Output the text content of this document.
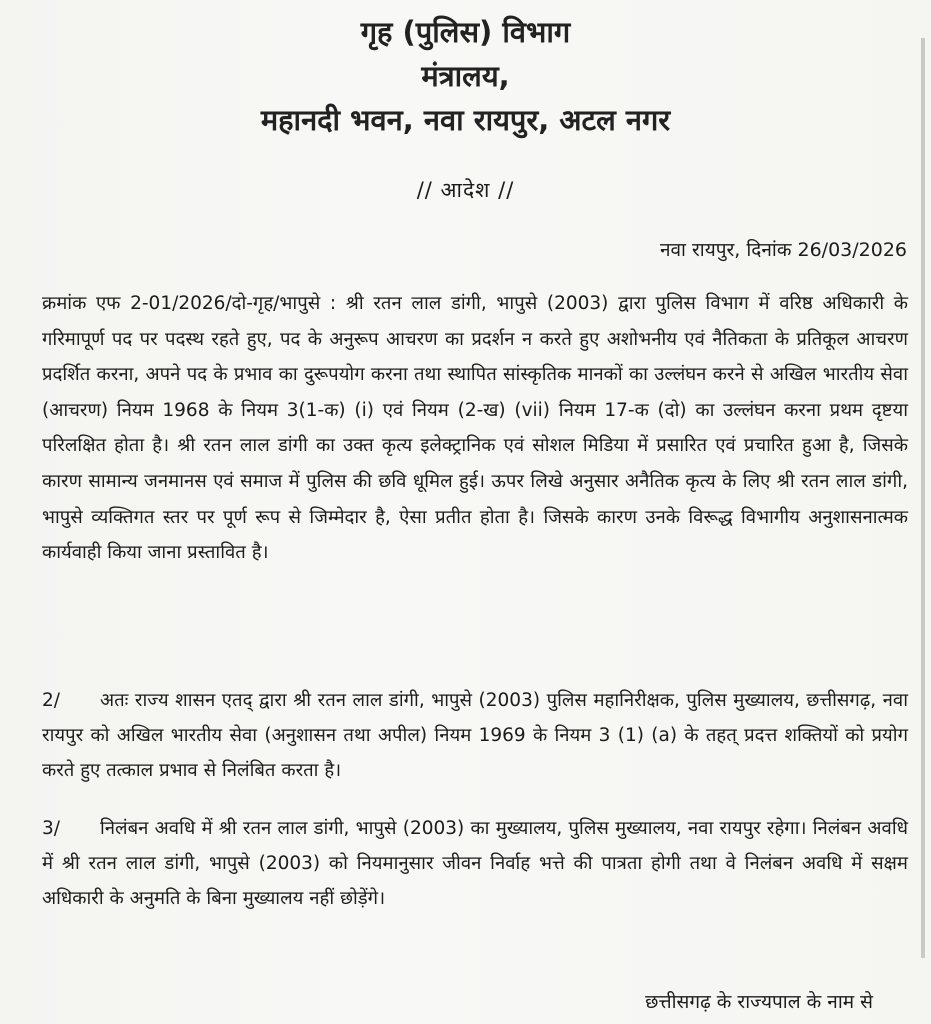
गृह (पुलिस) विभाग
मंत्रालय,
महानदी भवन, नवा रायपुर, अटल नगर
// आदेश //
नवा रायपुर, दिनांक 26/03/2026
क्रमांक एफ 2-01/2026/दो-गृह/भापुसे : श्री रतन लाल डांगी, भापुसे (2003) द्वारा पुलिस विभाग में वरिष्ठ अधिकारी के गरिमापूर्ण पद पर पदस्थ रहते हुए, पद के अनुरूप आचरण का प्रदर्शन न करते हुए अशोभनीय एवं नैतिकता के प्रतिकूल आचरण प्रदर्शित करना, अपने पद के प्रभाव का दुरूपयोग करना तथा स्थापित सांस्कृतिक मानकों का उल्लंघन करने से अखिल भारतीय सेवा (आचरण) नियम 1968 के नियम 3(1-क) (i) एवं नियम (2-ख) (vii) नियम 17-क (दो) का उल्लंघन करना प्रथम दृष्टया परिलक्षित होता है। श्री रतन लाल डांगी का उक्त कृत्य इलेक्ट्रानिक एवं सोशल मिडिया में प्रसारित एवं प्रचारित हुआ है, जिसके कारण सामान्य जनमानस एवं समाज में पुलिस की छवि धूमिल हुई। ऊपर लिखे अनुसार अनैतिक कृत्य के लिए श्री रतन लाल डांगी, भापुसे व्यक्तिगत स्तर पर पूर्ण रूप से जिम्मेदार है, ऐसा प्रतीत होता है। जिसके कारण उनके विरूद्ध विभागीय अनुशासनात्मक कार्यवाही किया जाना प्रस्तावित है।
2/ अतः राज्य शासन एतद् द्वारा श्री रतन लाल डांगी, भापुसे (2003) पुलिस महानिरीक्षक, पुलिस मुख्यालय, छत्तीसगढ़, नवा रायपुर को अखिल भारतीय सेवा (अनुशासन तथा अपील) नियम 1969 के नियम 3 (1) (a) के तहत् प्रदत्त शक्तियों को प्रयोग करते हुए तत्काल प्रभाव से निलंबित करता है।
3/ निलंबन अवधि में श्री रतन लाल डांगी, भापुसे (2003) का मुख्यालय, पुलिस मुख्यालय, नवा रायपुर रहेगा। निलंबन अवधि में श्री रतन लाल डांगी, भापुसे (2003) को नियमानुसार जीवन निर्वाह भत्ते की पात्रता होगी तथा वे निलंबन अवधि में सक्षम अधिकारी के अनुमति के बिना मुख्यालय नहीं छोड़ेंगे।
छत्तीसगढ़ के राज्यपाल के नाम से
